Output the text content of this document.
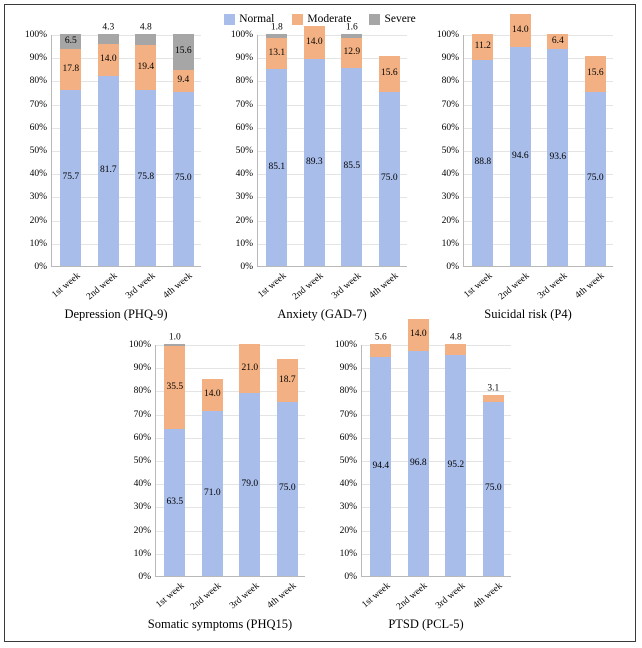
Normal	Moderate	Severe
100%
90%
80%
70%
60%
50%
40%
30%
20%
10%
0%
1st week 2nd week 3rd week 4th week
75.7
17.8
6.5
81.7
14.0
4.3
75.8
19.4
4.8
75.0
9.4
15.6
Depression (PHQ-9)
100%
90%
80%
70%
60%
50%
40%
30%
20%
10%
0%
1st week 2nd week 3rd week 4th week
85.1
13.1
1.8
89.3
14.0
85.5
12.9
1.6
75.0
15.6
Anxiety (GAD-7)
100%
90%
80%
70%
60%
50%
40%
30%
20%
10%
0%
1st week 2nd week 3rd week 4th week
88.8
11.2
94.6
14.0
93.6
6.4
75.0
15.6
Suicidal risk (P4)
100%
90%
80%
70%
60%
50%
40%
30%
20%
10%
0%
1st week 2nd week 3rd week 4th week
63.5
35.5
1.0
71.0
14.0
79.0
21.0
75.0
18.7
Somatic symptoms (PHQ15)
100%
90%
80%
70%
60%
50%
40%
30%
20%
10%
0%
1st week 2nd week 3rd week 4th week
94.4
5.6
96.8
14.0
95.2
4.8
75.0
3.1
PTSD (PCL-5)
